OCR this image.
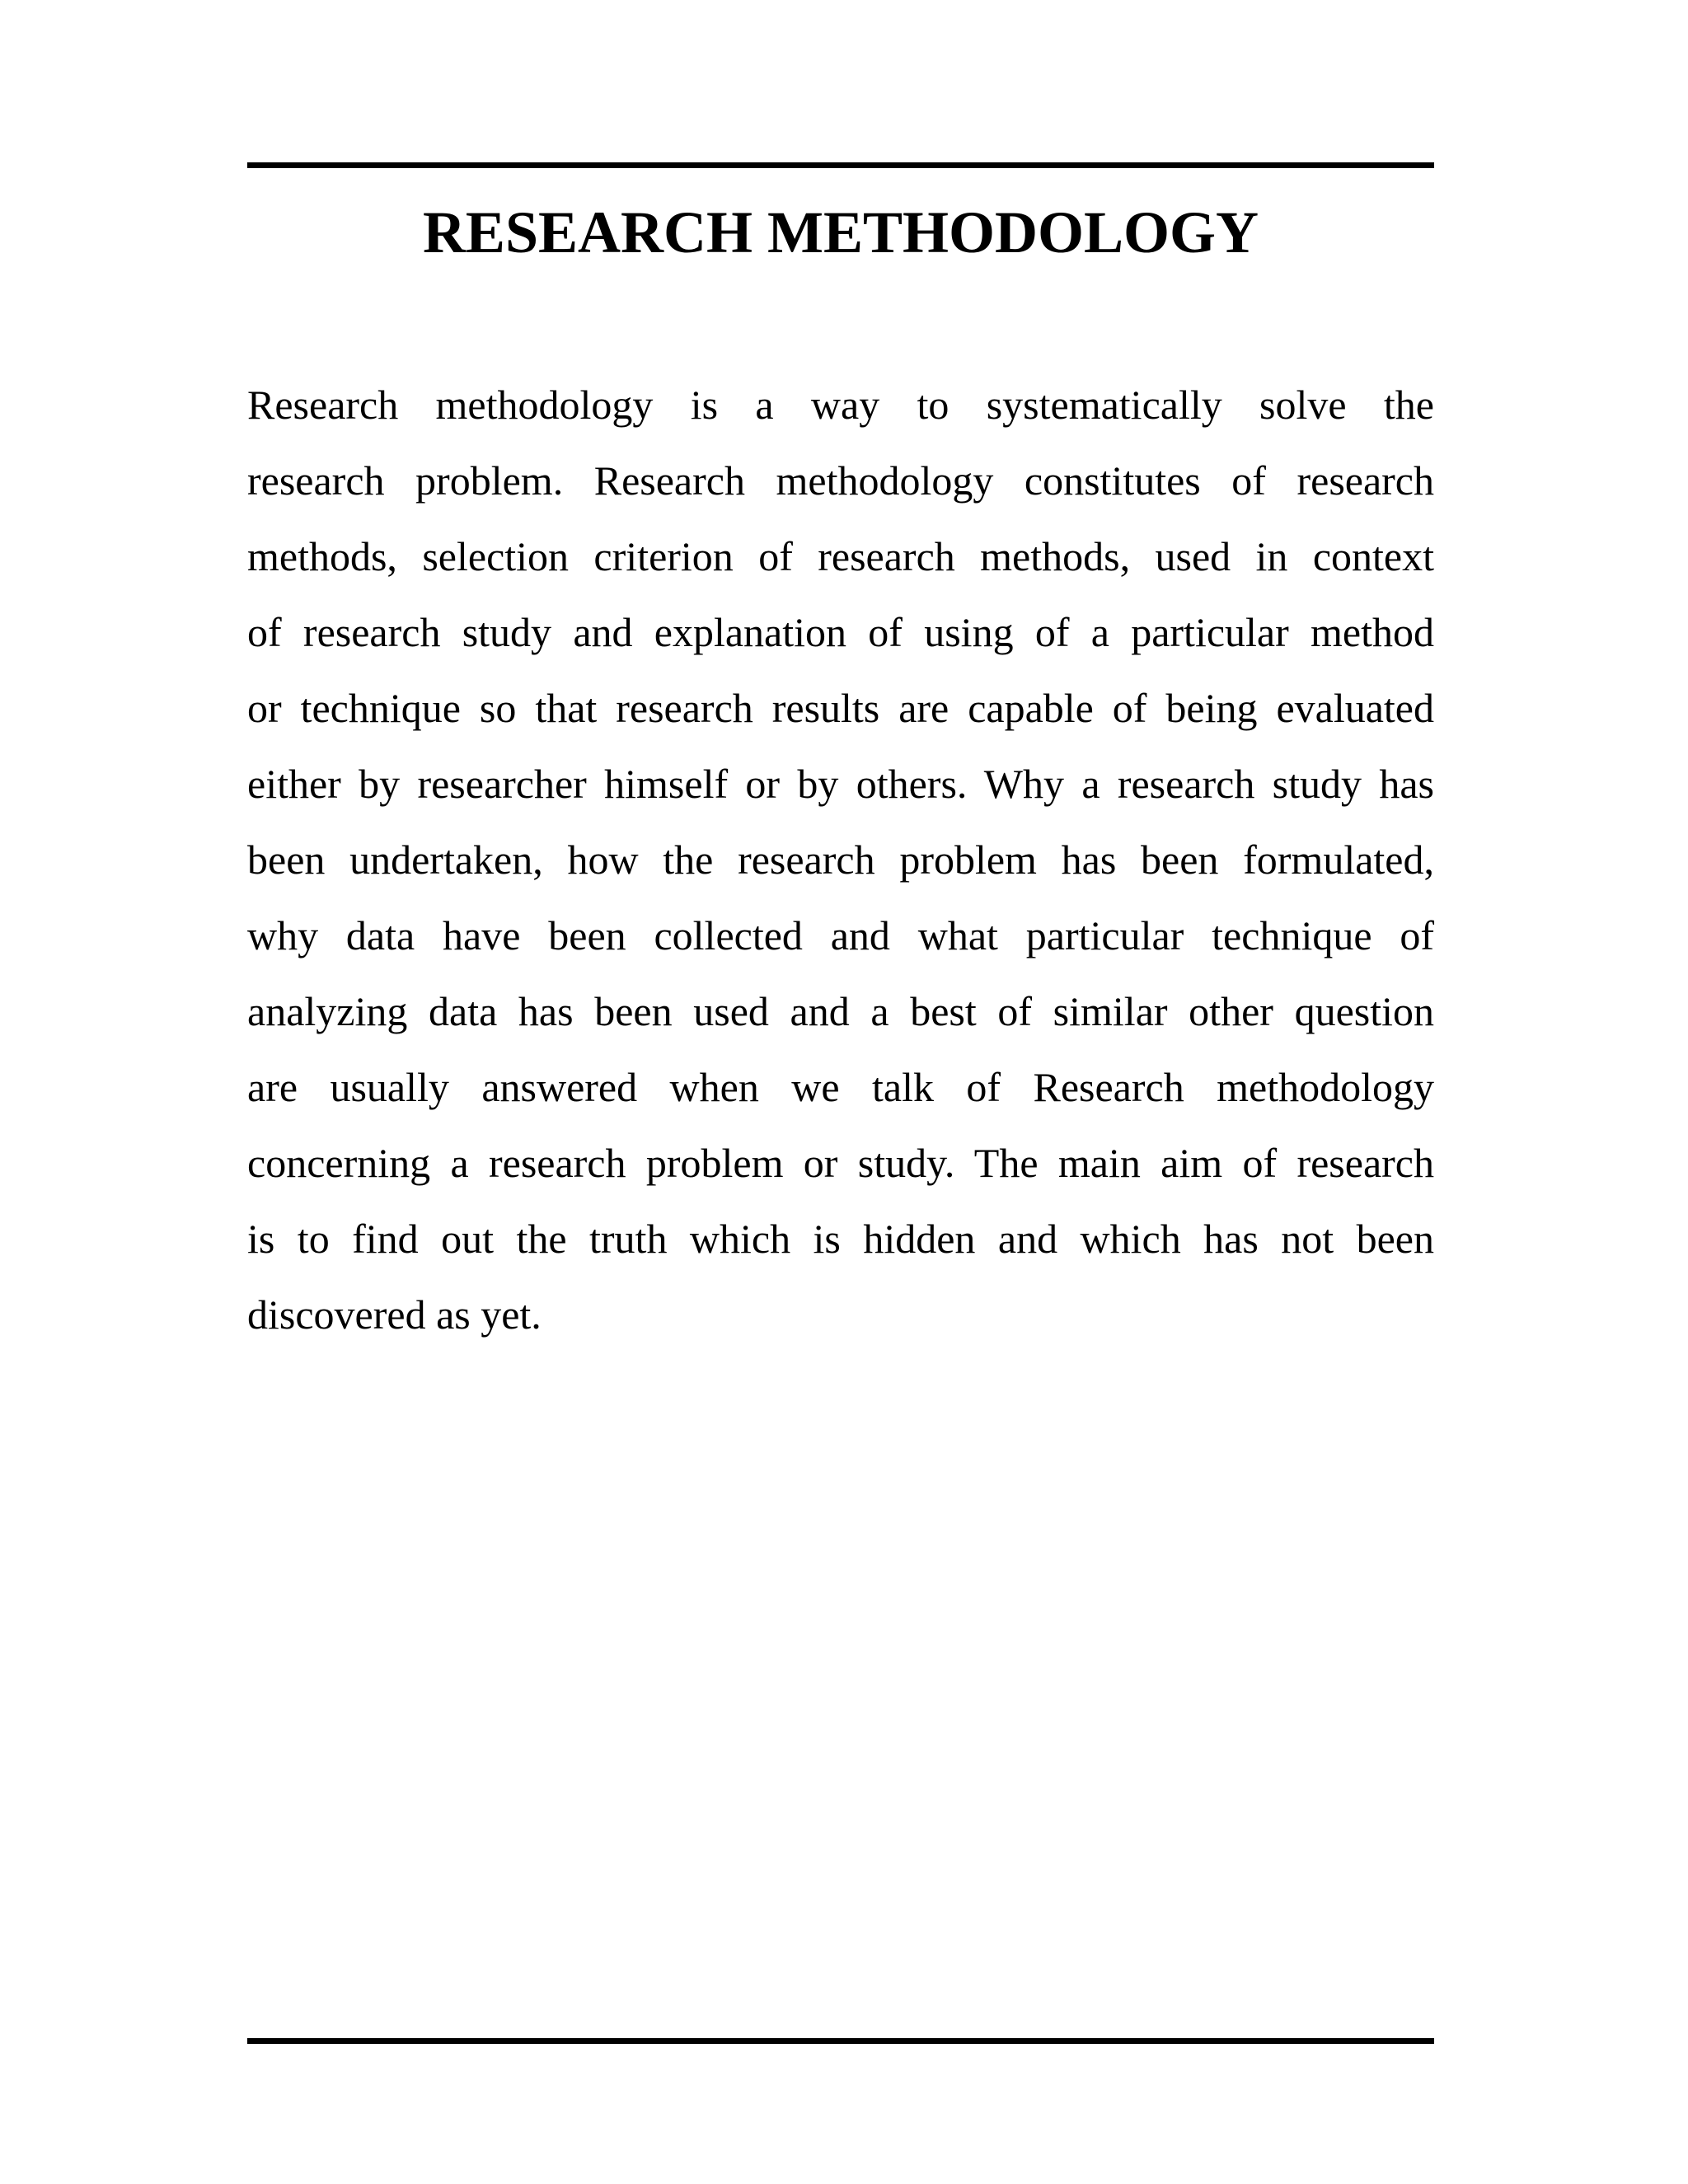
RESEARCH METHODOLOGY
Research methodology is a way to systematically solve the
research problem. Research methodology constitutes of research
methods, selection criterion of research methods, used in context
of research study and explanation of using of a particular method
or technique so that research results are capable of being evaluated
either by researcher himself or by others. Why a research study has
been undertaken, how the research problem has been formulated,
why data have been collected and what particular technique of
analyzing data has been used and a best of similar other question
are usually answered when we talk of Research methodology
concerning a research problem or study. The main aim of research
is to find out the truth which is hidden and which has not been
discovered as yet.
